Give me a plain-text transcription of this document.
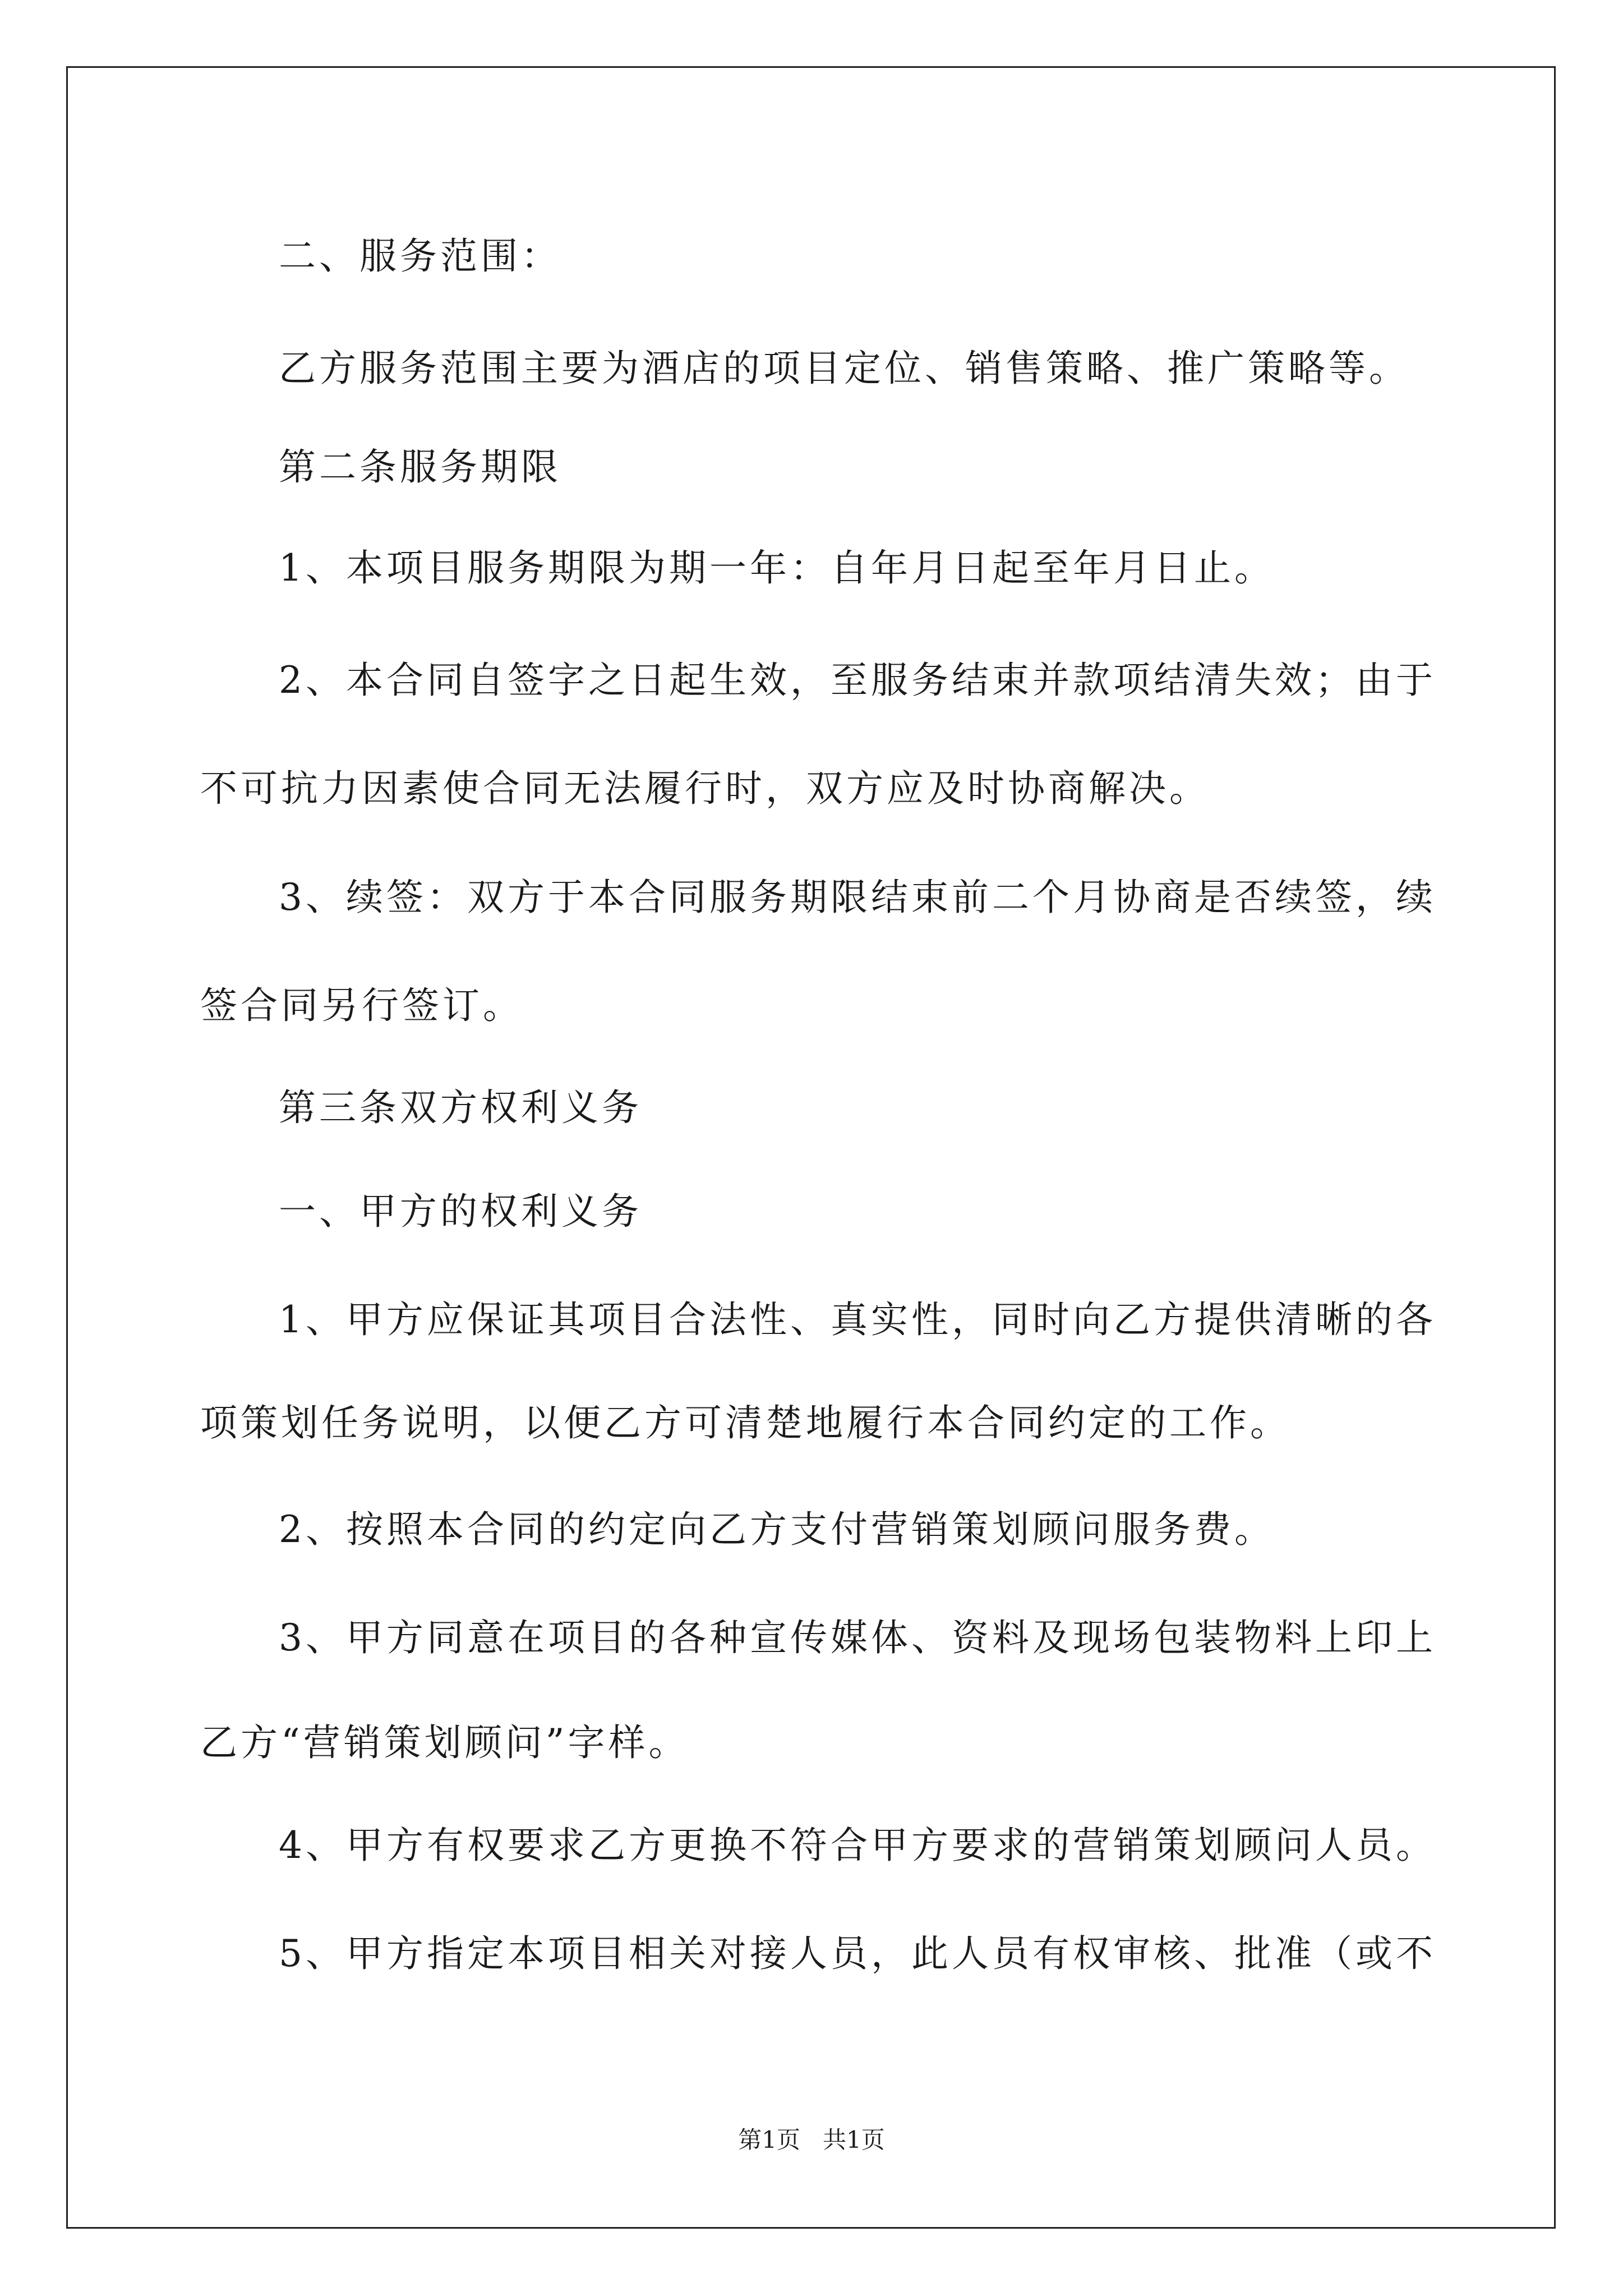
二、服务范围：
乙方服务范围主要为酒店的项目定位、销售策略、推广策略等。
第二条服务期限
1、本项目服务期限为期一年：自年月日起至年月日止。
2、本合同自签字之日起生效，至服务结束并款项结清失效；由于
不可抗力因素使合同无法履行时，双方应及时协商解决。
3、续签：双方于本合同服务期限结束前二个月协商是否续签，续
签合同另行签订。
第三条双方权利义务
一、甲方的权利义务
1、甲方应保证其项目合法性、真实性，同时向乙方提供清晰的各
项策划任务说明，以便乙方可清楚地履行本合同约定的工作。
2、按照本合同的约定向乙方支付营销策划顾问服务费。
3、甲方同意在项目的各种宣传媒体、资料及现场包装物料上印上
乙方“营销策划顾问”字样。
4、甲方有权要求乙方更换不符合甲方要求的营销策划顾问人员。
5、甲方指定本项目相关对接人员，此人员有权审核、批准（或不
第1页   共1页
